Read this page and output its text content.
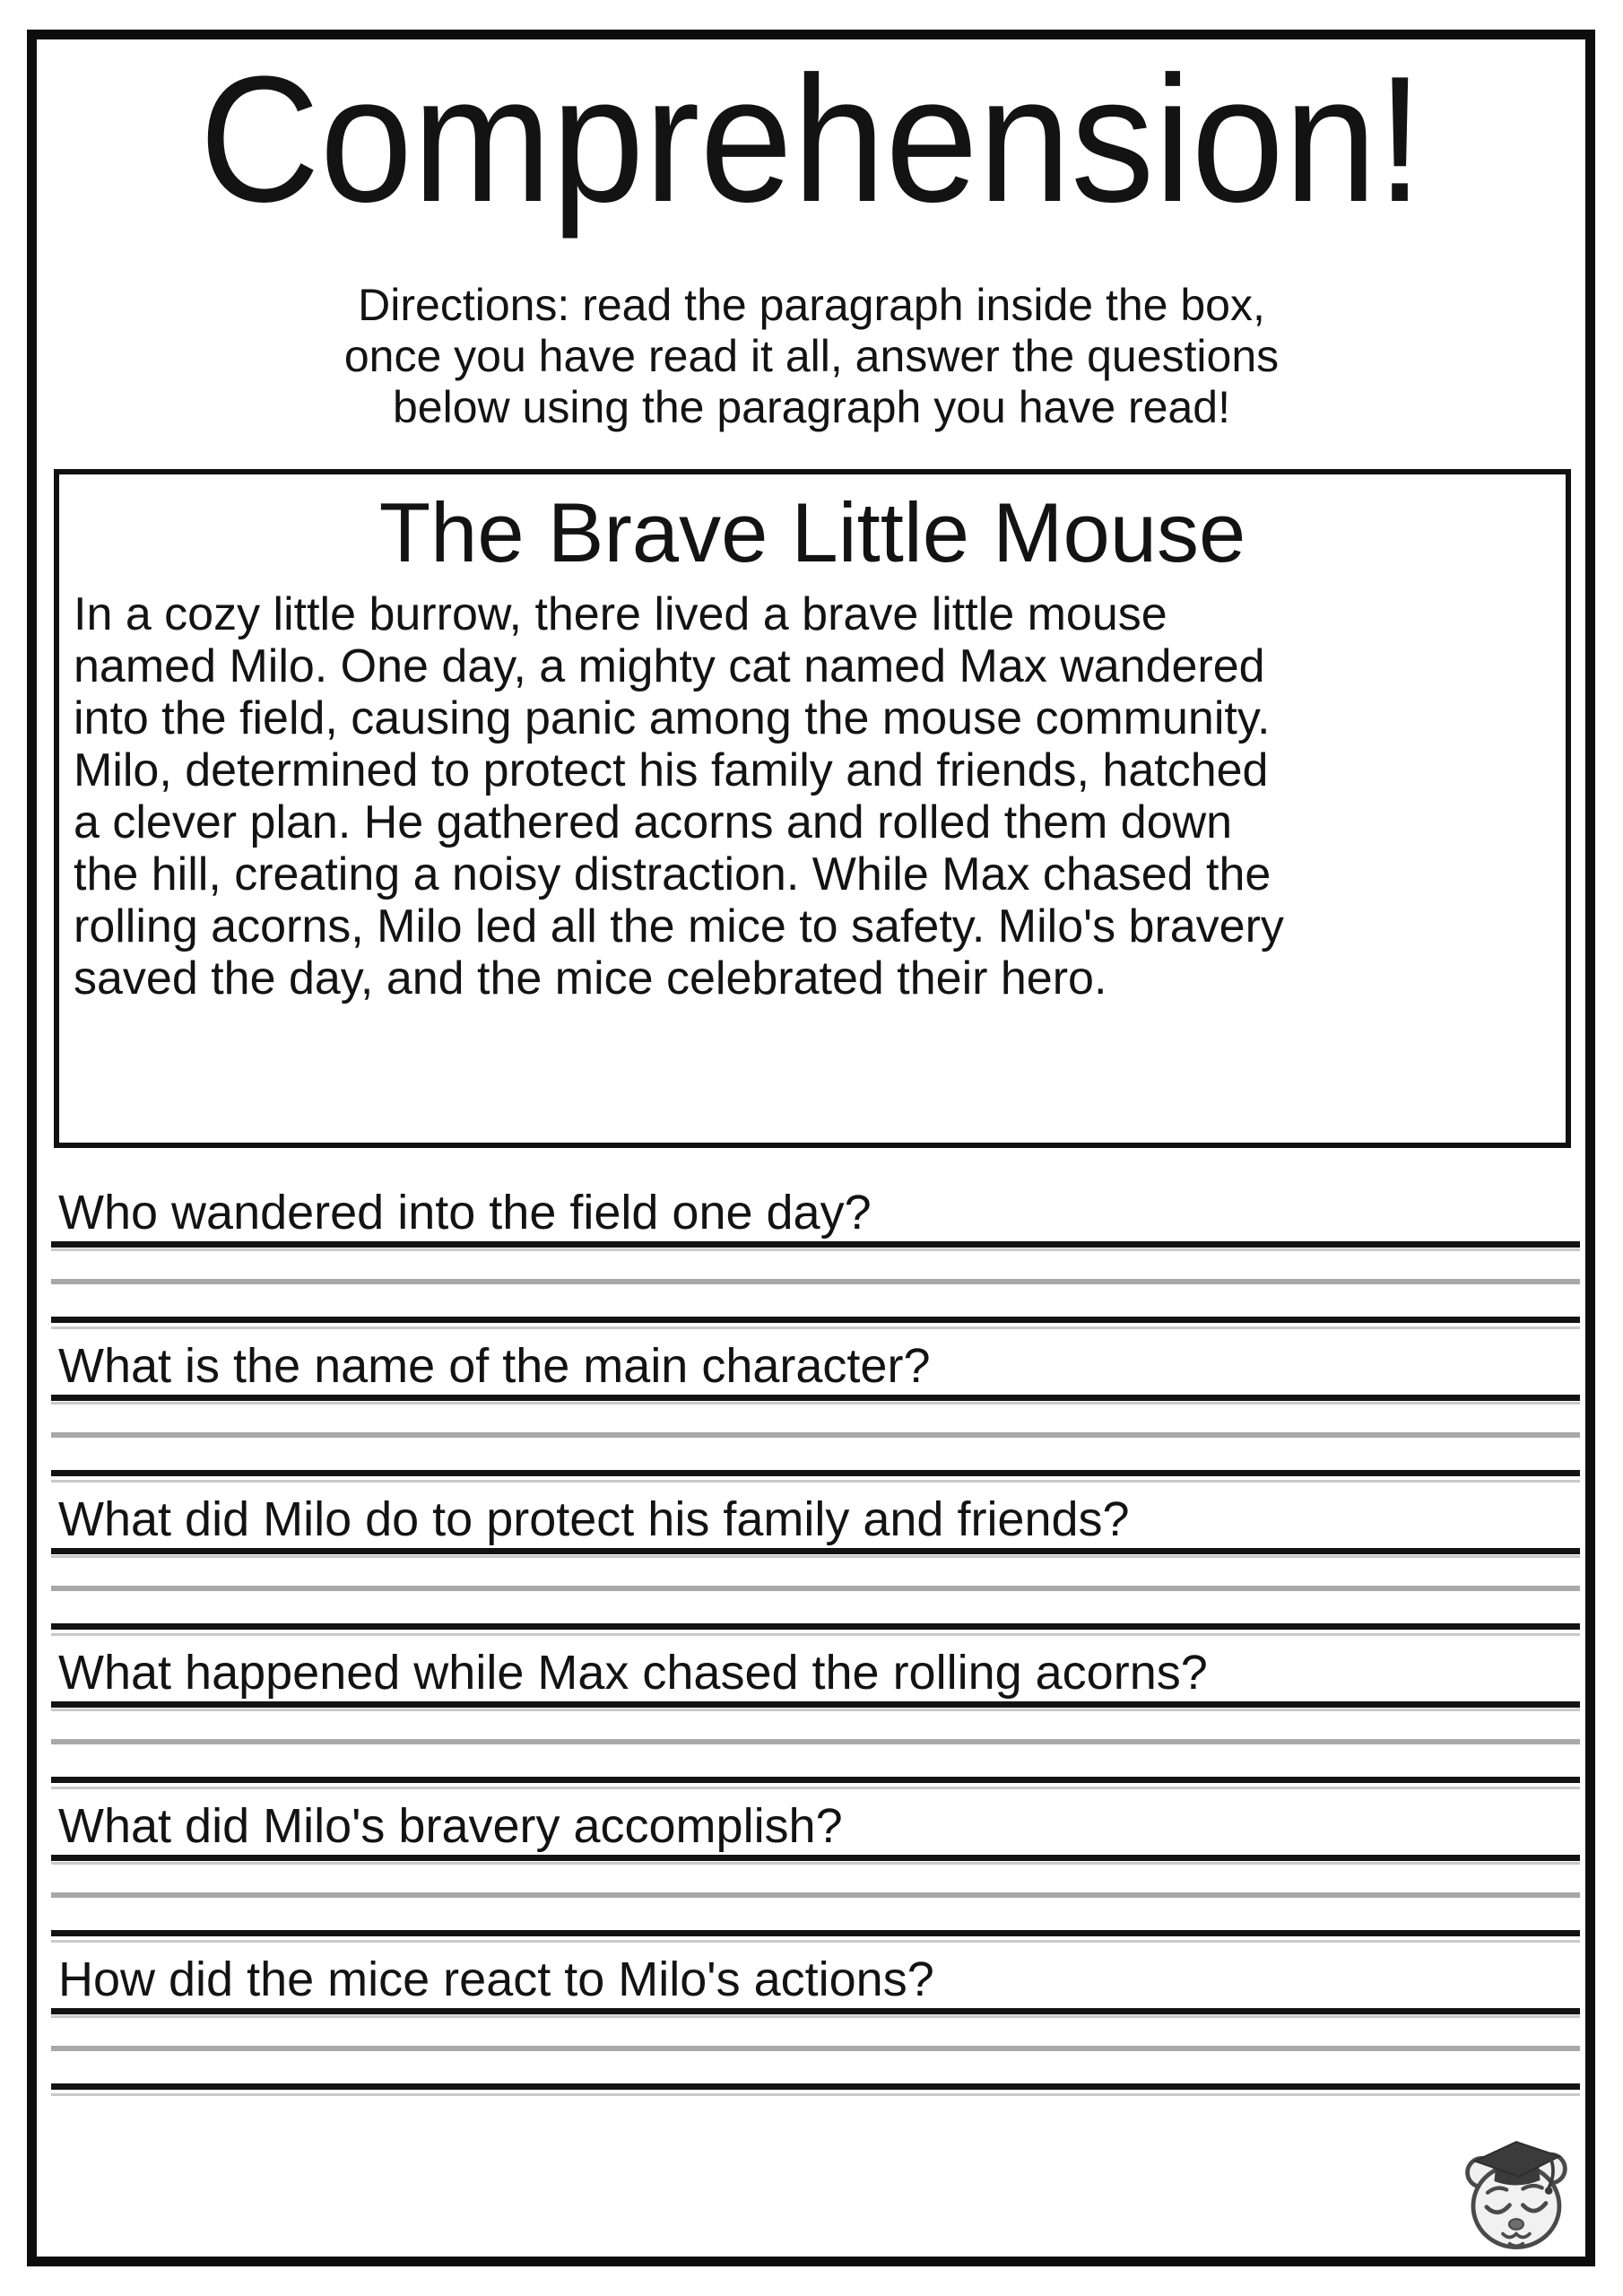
Comprehension!
Directions: read the paragraph inside the box,
once you have read it all, answer the questions
below using the paragraph you have read!
The Brave Little Mouse
In a cozy little burrow, there lived a brave little mouse
named Milo. One day, a mighty cat named Max wandered
into the field, causing panic among the mouse community.
Milo, determined to protect his family and friends, hatched
a clever plan. He gathered acorns and rolled them down
the hill, creating a noisy distraction. While Max chased the
rolling acorns, Milo led all the mice to safety. Milo's bravery
saved the day, and the mice celebrated their hero.
Who wandered into the field one day?
What is the name of the main character?
What did Milo do to protect his family and friends?
What happened while Max chased the rolling acorns?
What did Milo's bravery accomplish?
How did the mice react to Milo's actions?
